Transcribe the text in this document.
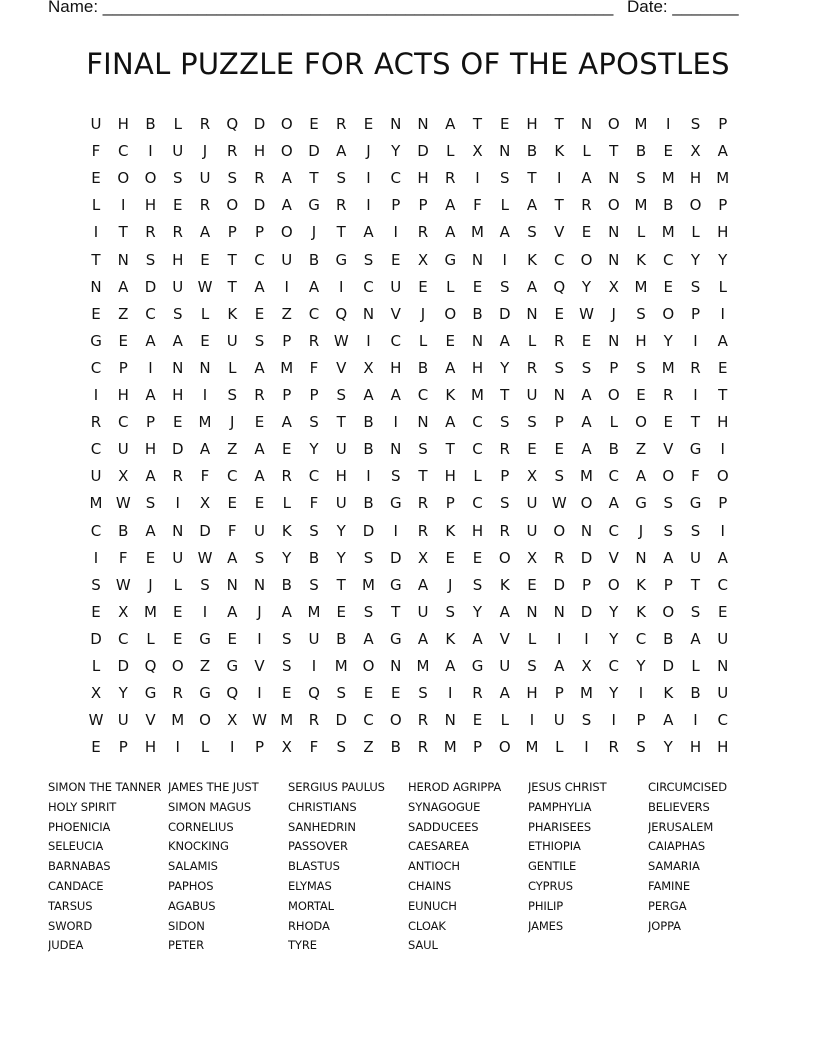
Name: ______________________________________________________ Date: _______
FINAL PUZZLE FOR ACTS OF THE APOSTLES
U	H	B	L	R	Q	D	O	E	R	E	N	N	A	T	E	H	T	N	O M	I	S	P
F	C	I	U	J	R	H	O	D	A	J	Y	D	L	X	N	B	K	L	T	B	E	X	A
E	O	O	S	U	S	R	A	T	S	I	C	H	R	I	S	T	I	A	N	S	M	H	M
L	I	H	E	R	O	D	A	G	R	I	P	P	A	F	L	A	T	R	O M	B	O	P
I	T	R	R	A	P	P	O	J	T	A	I	R	A	M	A	S	V	E	N	L	M	L	H
T	N	S	H	E	T	C	U	B	G	S	E	X	G	N	I	K	C	O	N	K	C	Y	Y
N	A	D	U W	T	A	I	A	I	C	U	E	L	E	S	A	Q	Y	X	M	E	S	L
E	Z	C	S	L	K	E	Z	C	Q	N	V	J	O	B	D	N	E	W	J	S	O	P	I
G	E	A	A	E	U	S	P	R W	I	C	L	E	N	A	L	R	E	N	H	Y	I	A
C	P	I	N	N	L	A	M	F	V	X	H	B	A	H	Y	R	S	S	P	S	M	R	E
I	H	A	H	I	S	R	P	P	S	A	A	C	K	M	T	U	N	A	O	E	R	I	T
R	C	P	E	M	J	E	A	S	T	B	I	N	A	C	S	S	P	A	L	O	E	T	H
C	U	H	D	A	Z	A	E	Y	U	B	N	S	T	C	R	E	E	A	B	Z	V	G	I
U	X	A	R	F	C	A	R	C	H	I	S	T	H	L	P	X	S	M	C	A	O	F	O
M W	S	I	X	E	E	L	F	U	B	G	R	P	C	S	U W O	A	G	S	G	P
C	B	A	N	D	F	U	K	S	Y	D	I	R	K	H	R	U	O	N	C	J	S	S	I
I	F	E	U W A	S	Y	B	Y	S	D	X	E	E	O	X	R	D	V	N	A	U	A
S	W	J	L	S	N	N	B	S	T	M G	A	J	S	K	E	D	P	O	K	P	T	C
E	X	M	E	I	A	J	A	M	E	S	T	U	S	Y	A	N	N	D	Y	K	O	S	E
D	C	L	E	G	E	I	S	U	B	A	G	A	K	A	V	L	I	I	Y	C	B	A	U
L	D	Q	O	Z	G	V	S	I	M O	N	M	A	G	U	S	A	X	C	Y	D	L	N
X	Y	G	R	G	Q	I	E	Q	S	E	E	S	I	R	A	H	P	M	Y	I	K	B	U
W U	V	M O	X W M	R	D	C	O	R	N	E	L	I	U	S	I	P	A	I	C
E	P	H	I	L	I	P	X	F	S	Z	B	R	M	P	O M	L	I	R	S	Y	H	H
SIMON THE TANNER
HOLY SPIRIT
PHOENICIA
SELEUCIA
BARNABAS
CANDACE
TARSUS
SWORD
JUDEA
JAMES THE JUST
SIMON MAGUS
CORNELIUS
KNOCKING
SALAMIS
PAPHOS
AGABUS
SIDON
PETER
SERGIUS PAULUS
CHRISTIANS
SANHEDRIN
PASSOVER
BLASTUS
ELYMAS
MORTAL
RHODA
TYRE
HEROD AGRIPPA
SYNAGOGUE
SADDUCEES
CAESAREA
ANTIOCH
CHAINS
EUNUCH
CLOAK
SAUL
JESUS CHRIST
PAMPHYLIA
PHARISEES
ETHIOPIA
GENTILE
CYPRUS
PHILIP
JAMES
CIRCUMCISED
BELIEVERS
JERUSALEM
CAIAPHAS
SAMARIA
FAMINE
PERGA
JOPPA
